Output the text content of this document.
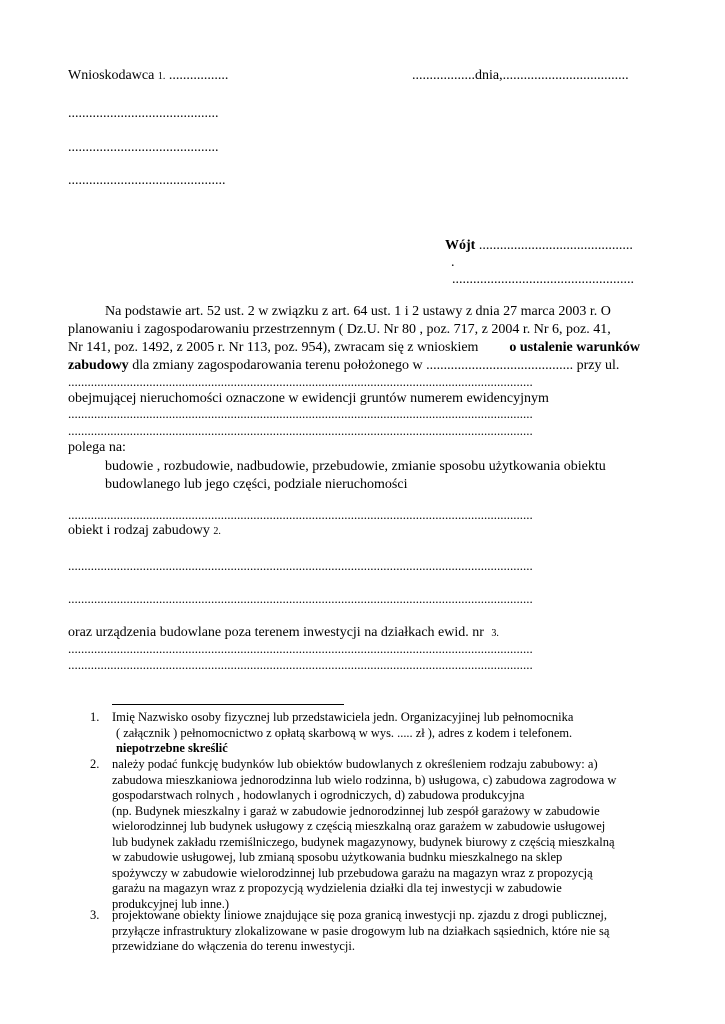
Wnioskodawca 1. .................	..................dnia,....................................
...........................................
...........................................
.............................................
Wójt ............................................
.
....................................................
Na podstawie art. 52 ust. 2 w związku z art. 64 ust. 1 i 2 ustawy z dnia 27 marca 2003 r. O
planowaniu i zagospodarowaniu przestrzennym ( Dz.U. Nr 80 , poz. 717, z 2004 r. Nr 6, poz. 41,
Nr 141, poz. 1492, z 2005 r. Nr 113, poz. 954), zwracam się z wnioskiem o ustalenie warunków
zabudowy dla zmiany zagospodarowania terenu położonego w .......................................... przy ul.
...............................................................................................................................................
obejmującej nieruchomości oznaczone w ewidencji gruntów numerem ewidencyjnym
...............................................................................................................................................
...............................................................................................................................................
polega na:
budowie , rozbudowie, nadbudowie, przebudowie, zmianie sposobu użytkowania obiektu
budowlanego lub jego części, podziale nieruchomości
...............................................................................................................................................
obiekt i rodzaj zabudowy 2.
...............................................................................................................................................
...............................................................................................................................................
oraz urządzenia budowlane poza terenem inwestycji na działkach ewid. nr 3.
...............................................................................................................................................
...............................................................................................................................................
1. Imię Nazwisko osoby fizycznej lub przedstawiciela jedn. Organizacyjinej lub pełnomocnika
( załącznik ) pełnomocnictwo z opłatą skarbową w wys. ..... zł ), adres z kodem i telefonem.
niepotrzebne skreślić
2. należy podać funkcję budynków lub obiektów budowlanych z określeniem rodzaju zabubowy: a)
zabudowa mieszkaniowa jednorodzinna lub wielo rodzinna, b) usługowa, c) zabudowa zagrodowa w
gospodarstwach rolnych , hodowlanych i ogrodniczych, d) zabudowa produkcyjna
(np. Budynek mieszkalny i garaż w zabudowie jednorodzinnej lub zespół garażowy w zabudowie
wielorodzinnej lub budynek usługowy z częścią mieszkalną oraz garażem w zabudowie usługowej
lub budynek zakładu rzemiślniczego, budynek magazynowy, budynek biurowy z częścią mieszkalną
w zabudowie usługowej, lub zmianą sposobu użytkowania budnku mieszkalnego na sklep
spożywczy w zabudowie wielorodzinnej lub przebudowa garażu na magazyn wraz z propozycją
garażu na magazyn wraz z propozycją wydzielenia działki dla tej inwestycji w zabudowie
produkcyjnej lub inne.)
3. projektowane obiekty liniowe znajdujące się poza granicą inwestycji np. zjazdu z drogi publicznej,
przyłącze infrastruktury zlokalizowane w pasie drogowym lub na działkach sąsiednich, które nie są
przewidziane do włączenia do terenu inwestycji.
